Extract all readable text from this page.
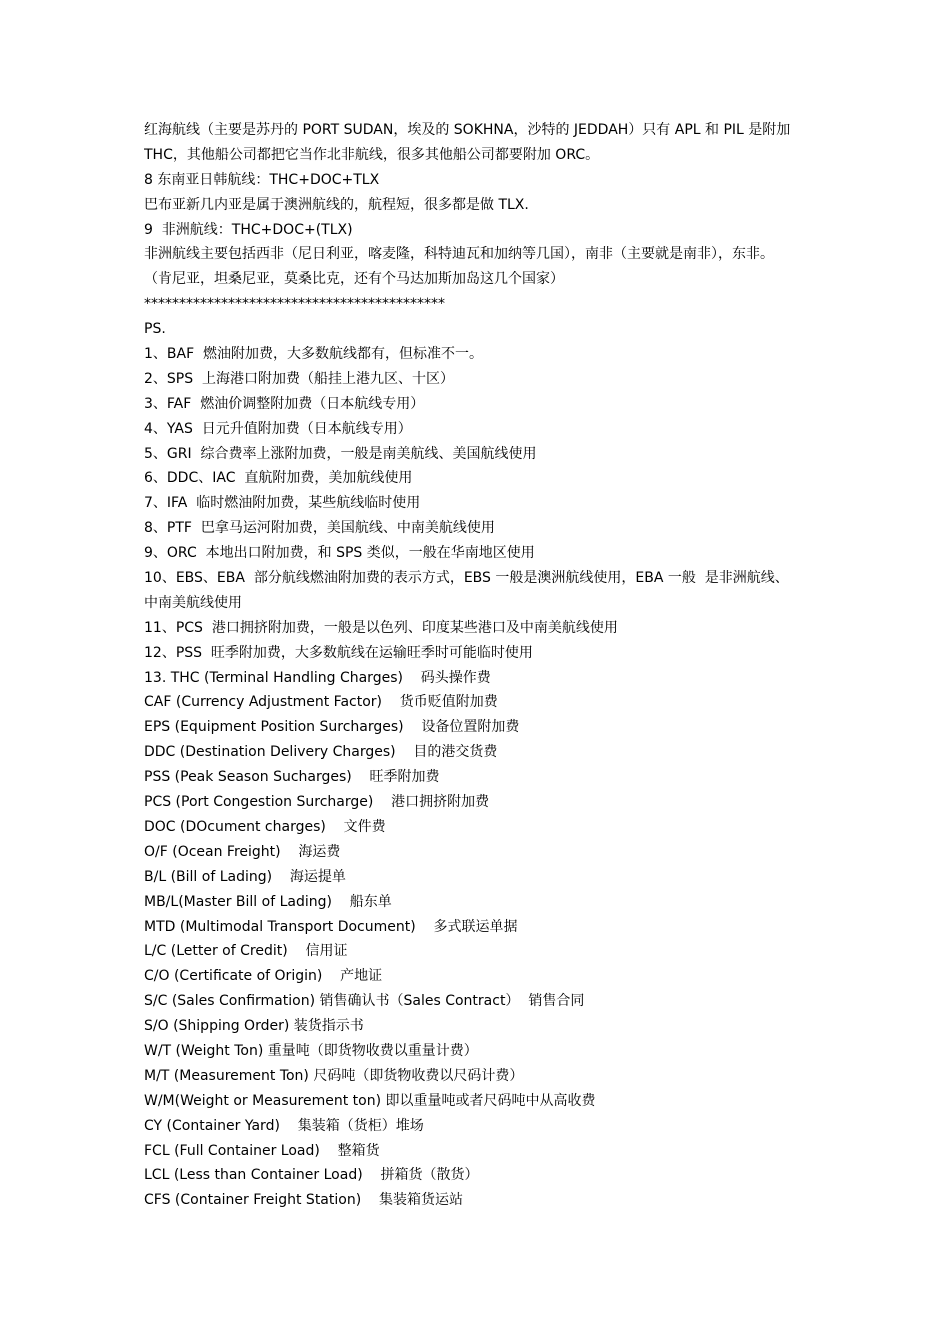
红海航线（主要是苏丹的 PORT SUDAN，埃及的 SOKHNA，沙特的 JEDDAH）只有 APL 和 PIL 是附加
THC，其他船公司都把它当作北非航线，很多其他船公司都要附加 ORC。
8 东南亚日韩航线：THC+DOC+TLX
巴布亚新几内亚是属于澳洲航线的，航程短，很多都是做 TLX.
9  非洲航线：THC+DOC+(TLX)
非洲航线主要包括西非（尼日利亚，喀麦隆，科特迪瓦和加纳等几国），南非（主要就是南非），东非。
（肯尼亚，坦桑尼亚，莫桑比克，还有个马达加斯加岛这几个国家）
*******************************************
PS.
1、BAF  燃油附加费，大多数航线都有，但标准不一。
2、SPS  上海港口附加费（船挂上港九区、十区）
3、FAF  燃油价调整附加费（日本航线专用）
4、YAS  日元升值附加费（日本航线专用）
5、GRI  综合费率上涨附加费，一般是南美航线、美国航线使用
6、DDC、IAC  直航附加费，美加航线使用
7、IFA  临时燃油附加费，某些航线临时使用
8、PTF  巴拿马运河附加费，美国航线、中南美航线使用
9、ORC  本地出口附加费，和 SPS 类似，一般在华南地区使用
10、EBS、EBA  部分航线燃油附加费的表示方式，EBS 一般是澳洲航线使用，EBA 一般  是非洲航线、
中南美航线使用
11、PCS  港口拥挤附加费，一般是以色列、印度某些港口及中南美航线使用
12、PSS  旺季附加费，大多数航线在运输旺季时可能临时使用
13. THC (Terminal Handling Charges)    码头操作费
CAF (Currency Adjustment Factor)    货币贬值附加费
EPS (Equipment Position Surcharges)    设备位置附加费
DDC (Destination Delivery Charges)    目的港交货费
PSS (Peak Season Sucharges)    旺季附加费
PCS (Port Congestion Surcharge)    港口拥挤附加费
DOC (DOcument charges)    文件费
O/F (Ocean Freight)    海运费
B/L (Bill of Lading)    海运提单
MB/L(Master Bill of Lading)    船东单
MTD (Multimodal Transport Document)    多式联运单据
L/C (Letter of Credit)    信用证
C/O (Certificate of Origin)    产地证
S/C (Sales Confirmation) 销售确认书（Sales Contract）  销售合同
S/O (Shipping Order) 装货指示书
W/T (Weight Ton) 重量吨（即货物收费以重量计费）
M/T (Measurement Ton) 尺码吨（即货物收费以尺码计费）
W/M(Weight or Measurement ton) 即以重量吨或者尺码吨中从高收费
CY (Container Yard)    集装箱（货柜）堆场
FCL (Full Container Load)    整箱货
LCL (Less than Container Load)    拼箱货（散货）
CFS (Container Freight Station)    集装箱货运站
